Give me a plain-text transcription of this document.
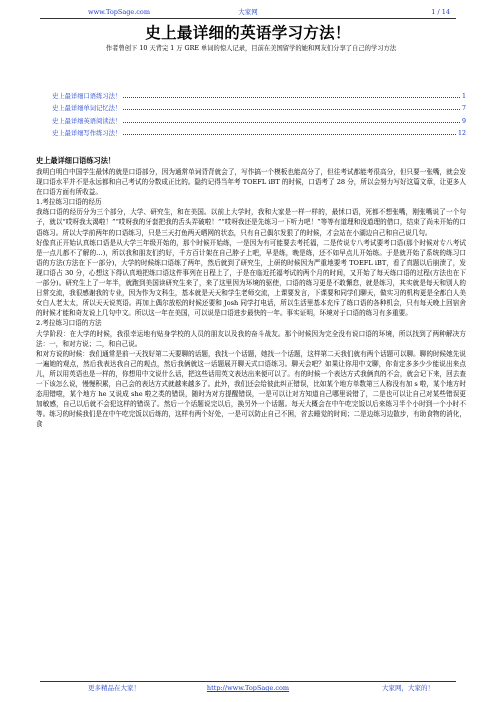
www.TopSage.com	大家网	1 / 14
史上最详细的英语学习方法！
作者曾创下 10 天背完 1 万 GRE 单词的惊人记录，目前在美国留学的她和网友们分享了自己的学习方法
史上最详细口语练习法！	1
史上最详细单词记忆法！	7
史上最详细英语阅读法！	9
史上最详细写作练习法！	12
史上最详细口语练习法！

我明白明白中国学生最怵的就是口语部分，因为通常单词背背就会了，写作搞一个模板也能高分了，但往考试都能考很高分，但只要一张嘴，就会发现口语水平并不是永远都和自己考试的分数成正比的。隐约记得当年考 TOEFL iBT 的时候，口语考了 28 分，所以会努力写好这篇文章，让更多人在口语方面有所收益。

1.考拉练习口语的经历

我练口语的经历分为三个部分，大学、研究生，和在美国。以前上大学时，我和大家是一样一样的，最怵口语，死都不想张嘴，刚张嘴说了一个句子，就以“哎呀我太渴啦！”“哎呀我的牙套把我的舌头弄破啦！”“哎呀我还是先练习一下听力吧！”等等有道理和没道理的借口，结束了尚未开始的口语练习。所以大学前两年的口语练习，只是三天打鱼两天晒网的状态，只有自己偶尔发狠了的时候，才会站在小湖边自己和自己说几句。

好像真正开始认真练口语是从大学三年级开始的，那个时候开始练，一是因为有可能要去考托福，二是传说专八考试要考口语(那个时候对专八考试是一点儿都不了解的…)，所以我和朋友们约好，千方百计架在自己脖子上吧，早是练，晚是练，还不如早点儿开始练。于是就开始了系统的练习口语的方法(方法在下一部分)，大学的时候练口语练了两年，然后就到了研究生，上研的时候因为严重地要考 TOEFL iBT，看了真题以后崩溃了，发现口语占 30 分，心想这下得认真地把练口语这件事列在日程上了，于是在临近托福考试的两个月的时间，又开始了每天练口语的过程(方法也在下一部分)。研究生上了一年半，就跑到美国读研究生来了，来了这里因为环境的驱使，口语的练习更是不敢懈怠，就是练习，其实就是每天和别人的日常交流，我很感谢我的专业，因为作为文科生，基本就是天天和学生老师交流，上课要发言，下课要和同学们聊天，做实习的机构更是全都白人美女白人老太太，所以天天说英语。再加上偶尔放松的时候还要和 Josh 同学打电话，所以生活里基本充斥了练口语的各种机会，只有每天晚上回宿舍的时候才能和奇友说上几句中文。所以这一年在美国，可以说是口语进步最快的一年。事实证明，环境对于口语的练习有多重要。

2.考拉练习口语的方法

大学阶段：在大学的时候，我很幸运地有贴身学校的人员的朋友以及我的奋斗战友。那个时候因为完全没有说口语的环境，所以找到了两种解决方法：一，和对方说；二，和自己说。

和对方说的时候：我们通常是前一天找好第二天要聊的话题，我找一个话题，她找一个话题，这样第二天我们就有两个话题可以聊。聊的时候她先说一遍她的观点，然后我表达我自己的观点，然后我俩就这一话题展开聊天式口语练习。聊天会吧？如果让你用中文聊，你肯定多多少少能说出来点儿，所以用英语也是一样的，你想用中文说什么话，把这些话用英文表达出来便可以了。有的时候一个表达方式我俩真的不会，就会记下来，回去查一下该怎么说，慢慢积累，自己会的表达方式就越来越多了。此外，我们还会给彼此纠正错误，比如某个地方单数第三人称没有加 s 啦，某个地方时态用错啦，某个地方 he 又说成 she 啦之类的错误，随时为对方提醒错误，一是可以让对方知道自己哪里说错了，二是也可以让自己对某些错误更加敏感，自己以后就不会犯这样的错误了。然后一个话题说完以后，换另外一个话题。每天大概会在中午吃完饭以后来练习半个小时到一个小时不等。练习的时候我们是在中午吃完饭以后练的，这样有两个好处，一是可以防止自己不困，省去睡觉的时间；二是边练习边散步，有助食物的消化，食

更多精品在大家！	http://www.TopSage.com	大家网，大家的！
